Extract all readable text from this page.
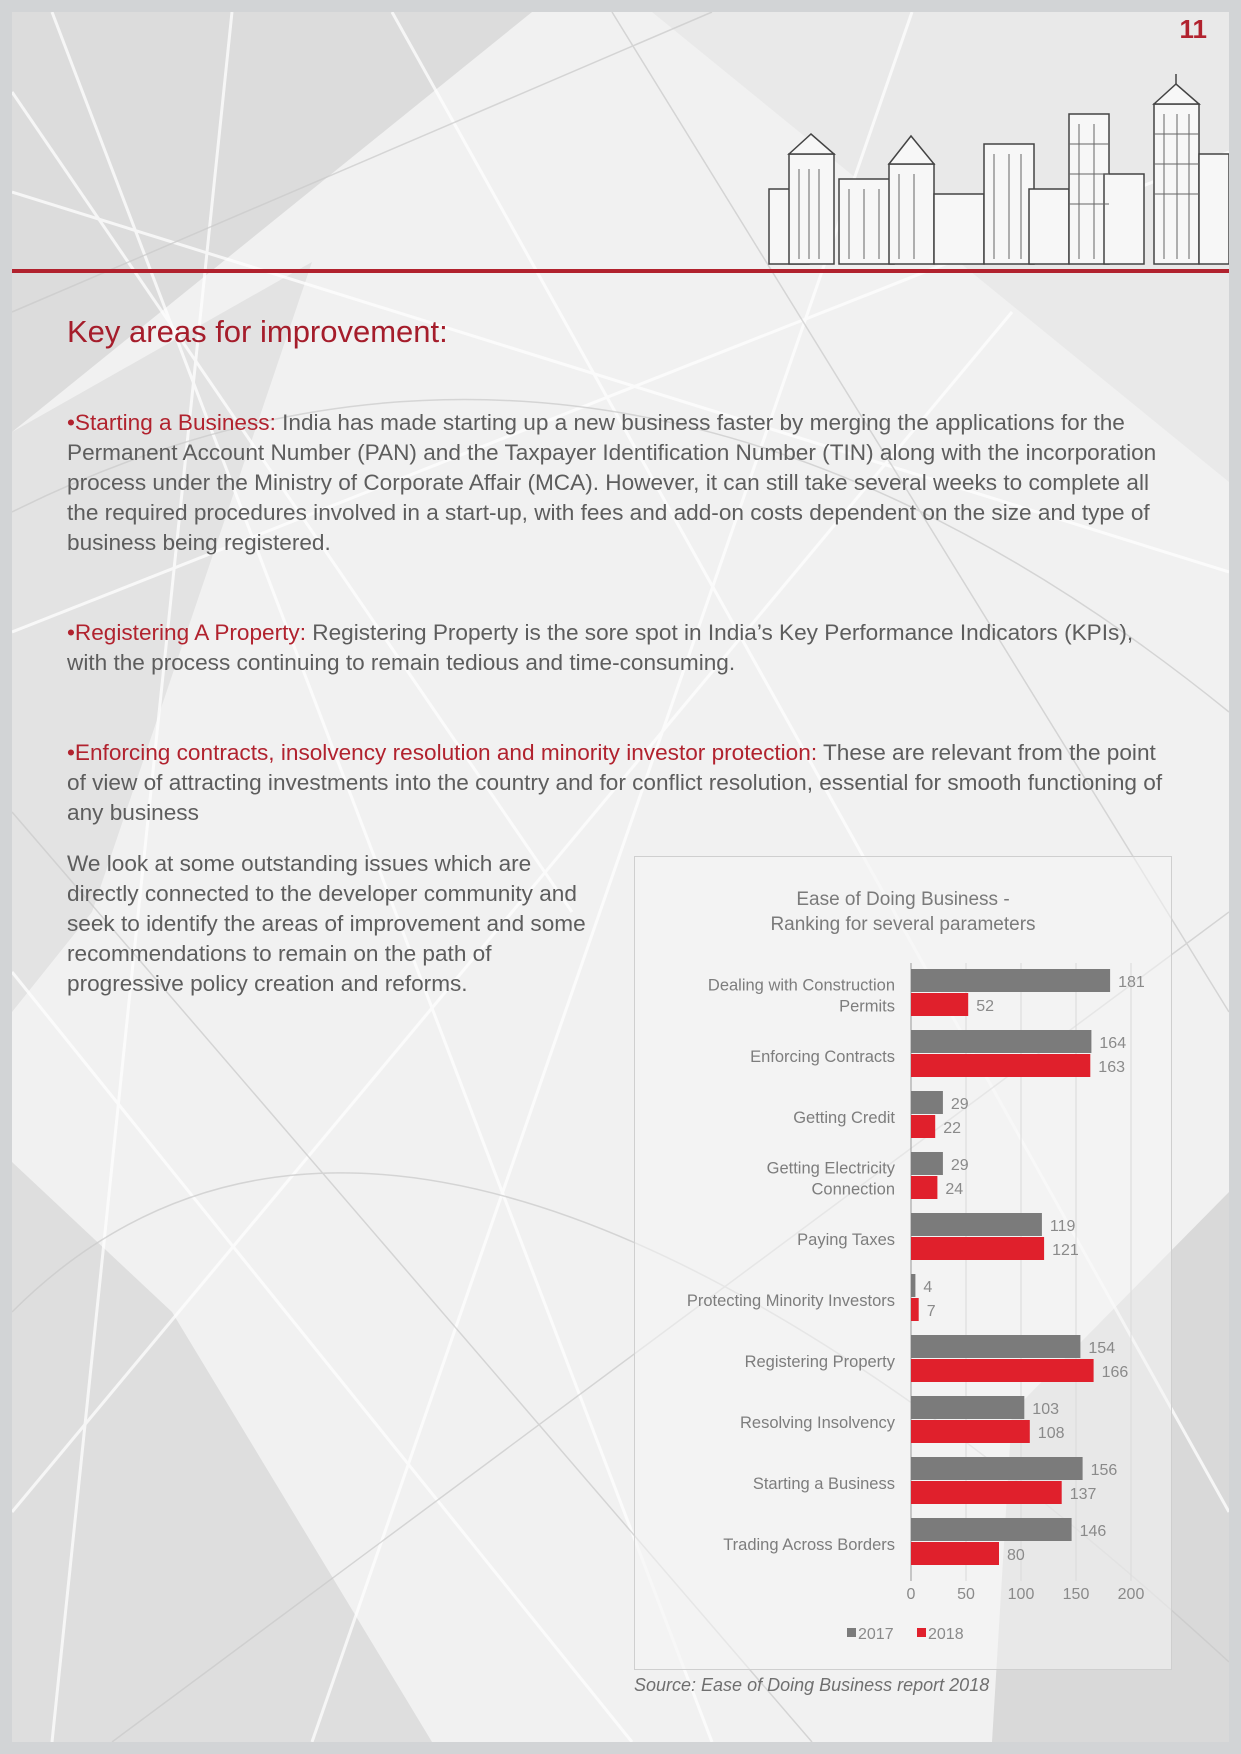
11
Key areas for improvement:

•Starting a Business: India has made starting up a new business faster by merging the applications for the Permanent Account Number (PAN) and the Taxpayer Identification Number (TIN) along with the incorporation process under the Ministry of Corporate Affair (MCA). However, it can still take several weeks to complete all the required procedures involved in a start-up, with fees and add-on costs dependent on the size and type of business being registered.

•Registering A Property: Registering Property is the sore spot in India’s Key Performance Indicators (KPIs), with the process continuing to remain tedious and time-consuming.

•Enforcing contracts, insolvency resolution and minority investor protection: These are relevant from the point of view of attracting investments into the country and for conflict resolution, essential for smooth functioning of any business

We look at some outstanding issues which are directly connected to the developer community and seek to identify the areas of improvement and some recommendations to remain on the path of progressive policy creation and reforms.

Ease of Doing Business -
Ranking for several parameters
0	50 100 150 200
Dealing with Construction Permits
181
52
Enforcing Contracts
164
163
Getting Credit
29
22
Getting Electricity Connection
29
24
Paying Taxes
119
121
Protecting Minority Investors
4
7
Registering Property
154
166
Resolving Insolvency
103
108
Starting a Business
156
137
Trading Across Borders
146
80
2017 2018
Source: Ease of Doing Business report 2018
